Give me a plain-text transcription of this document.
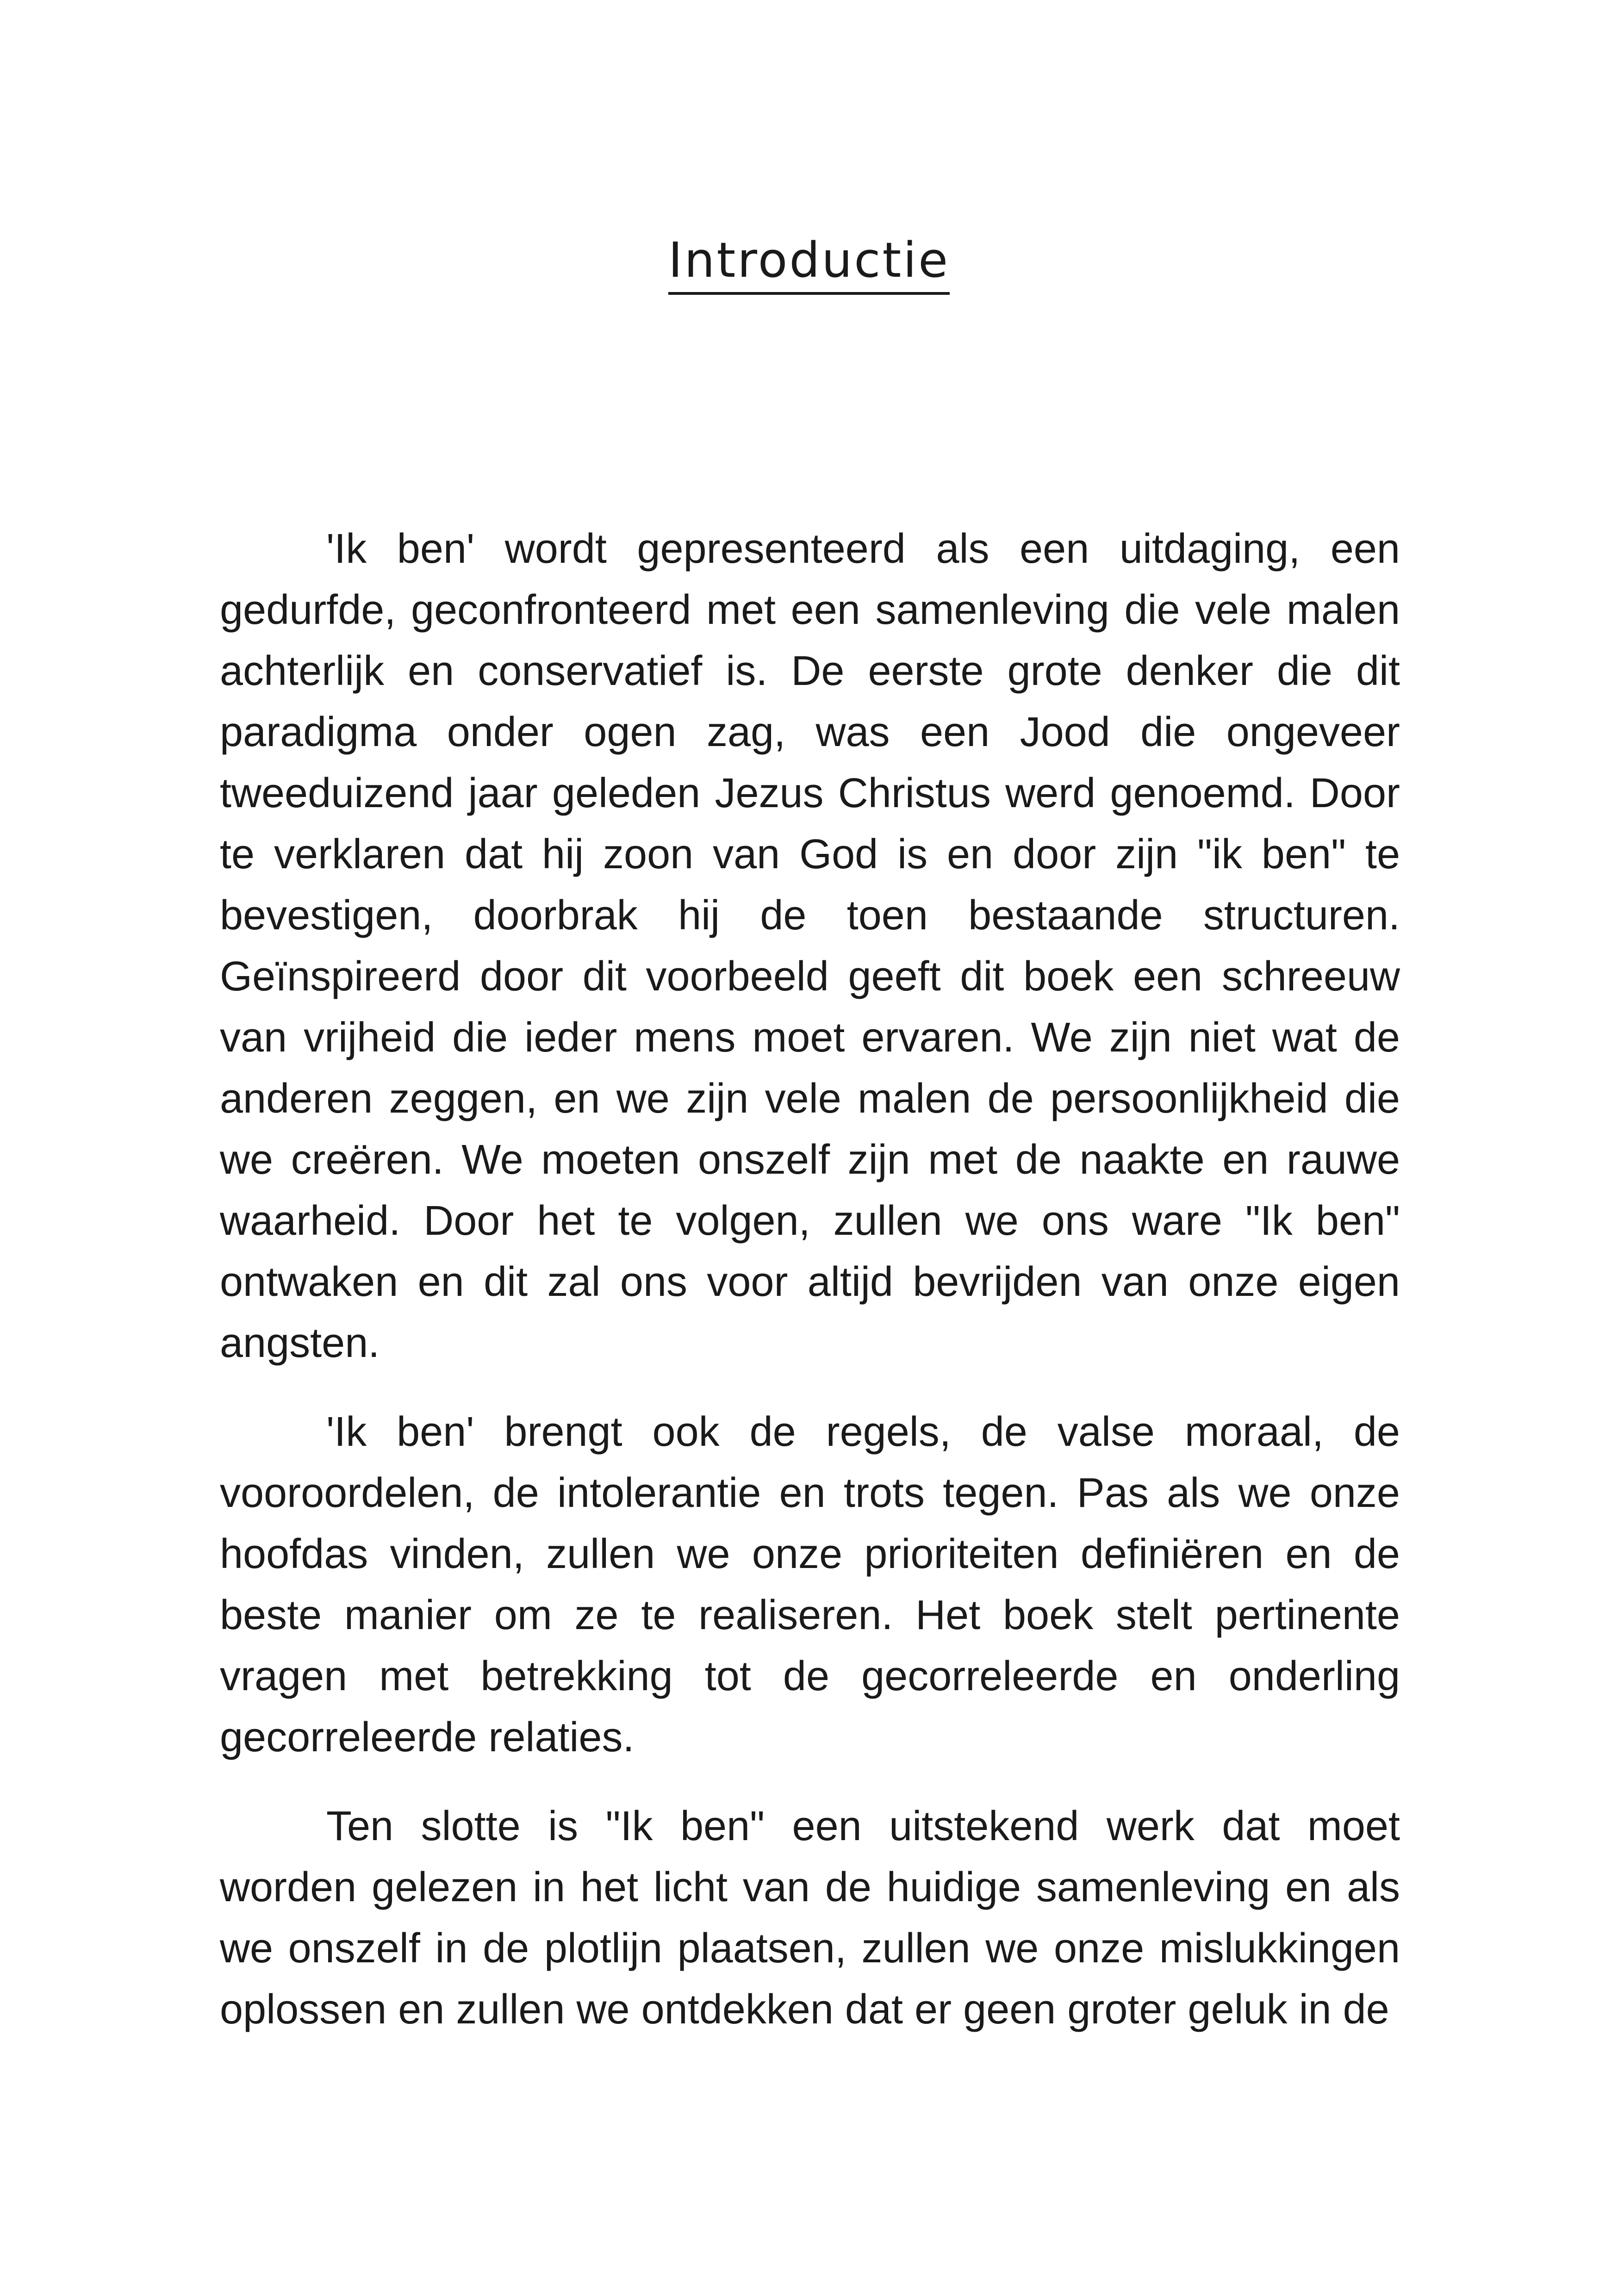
Introductie

'Ik ben' wordt gepresenteerd als een uitdaging, een gedurfde, geconfronteerd met een samenleving die vele malen achterlijk en conservatief is. De eerste grote denker die dit paradigma onder ogen zag, was een Jood die ongeveer tweeduizend jaar geleden Jezus Christus werd genoemd. Door te verklaren dat hij zoon van God is en door zijn "ik ben" te bevestigen, doorbrak hij de toen bestaande structuren. Geïnspireerd door dit voorbeeld geeft dit boek een schreeuw van vrijheid die ieder mens moet ervaren. We zijn niet wat de anderen zeggen, en we zijn vele malen de persoonlijkheid die we creëren. We moeten onszelf zijn met de naakte en rauwe waarheid. Door het te volgen, zullen we ons ware "Ik ben" ontwaken en dit zal ons voor altijd bevrijden van onze eigen angsten.

'Ik ben' brengt ook de regels, de valse moraal, de vooroordelen, de intolerantie en trots tegen. Pas als we onze hoofdas vinden, zullen we onze prioriteiten definiëren en de beste manier om ze te realiseren. Het boek stelt pertinente vragen met betrekking tot de gecorreleerde en onderling gecorreleerde relaties.

Ten slotte is "Ik ben" een uitstekend werk dat moet worden gelezen in het licht van de huidige samenleving en als we onszelf in de plotlijn plaatsen, zullen we onze mislukkingen oplossen en zullen we ontdekken dat er geen groter geluk in de
